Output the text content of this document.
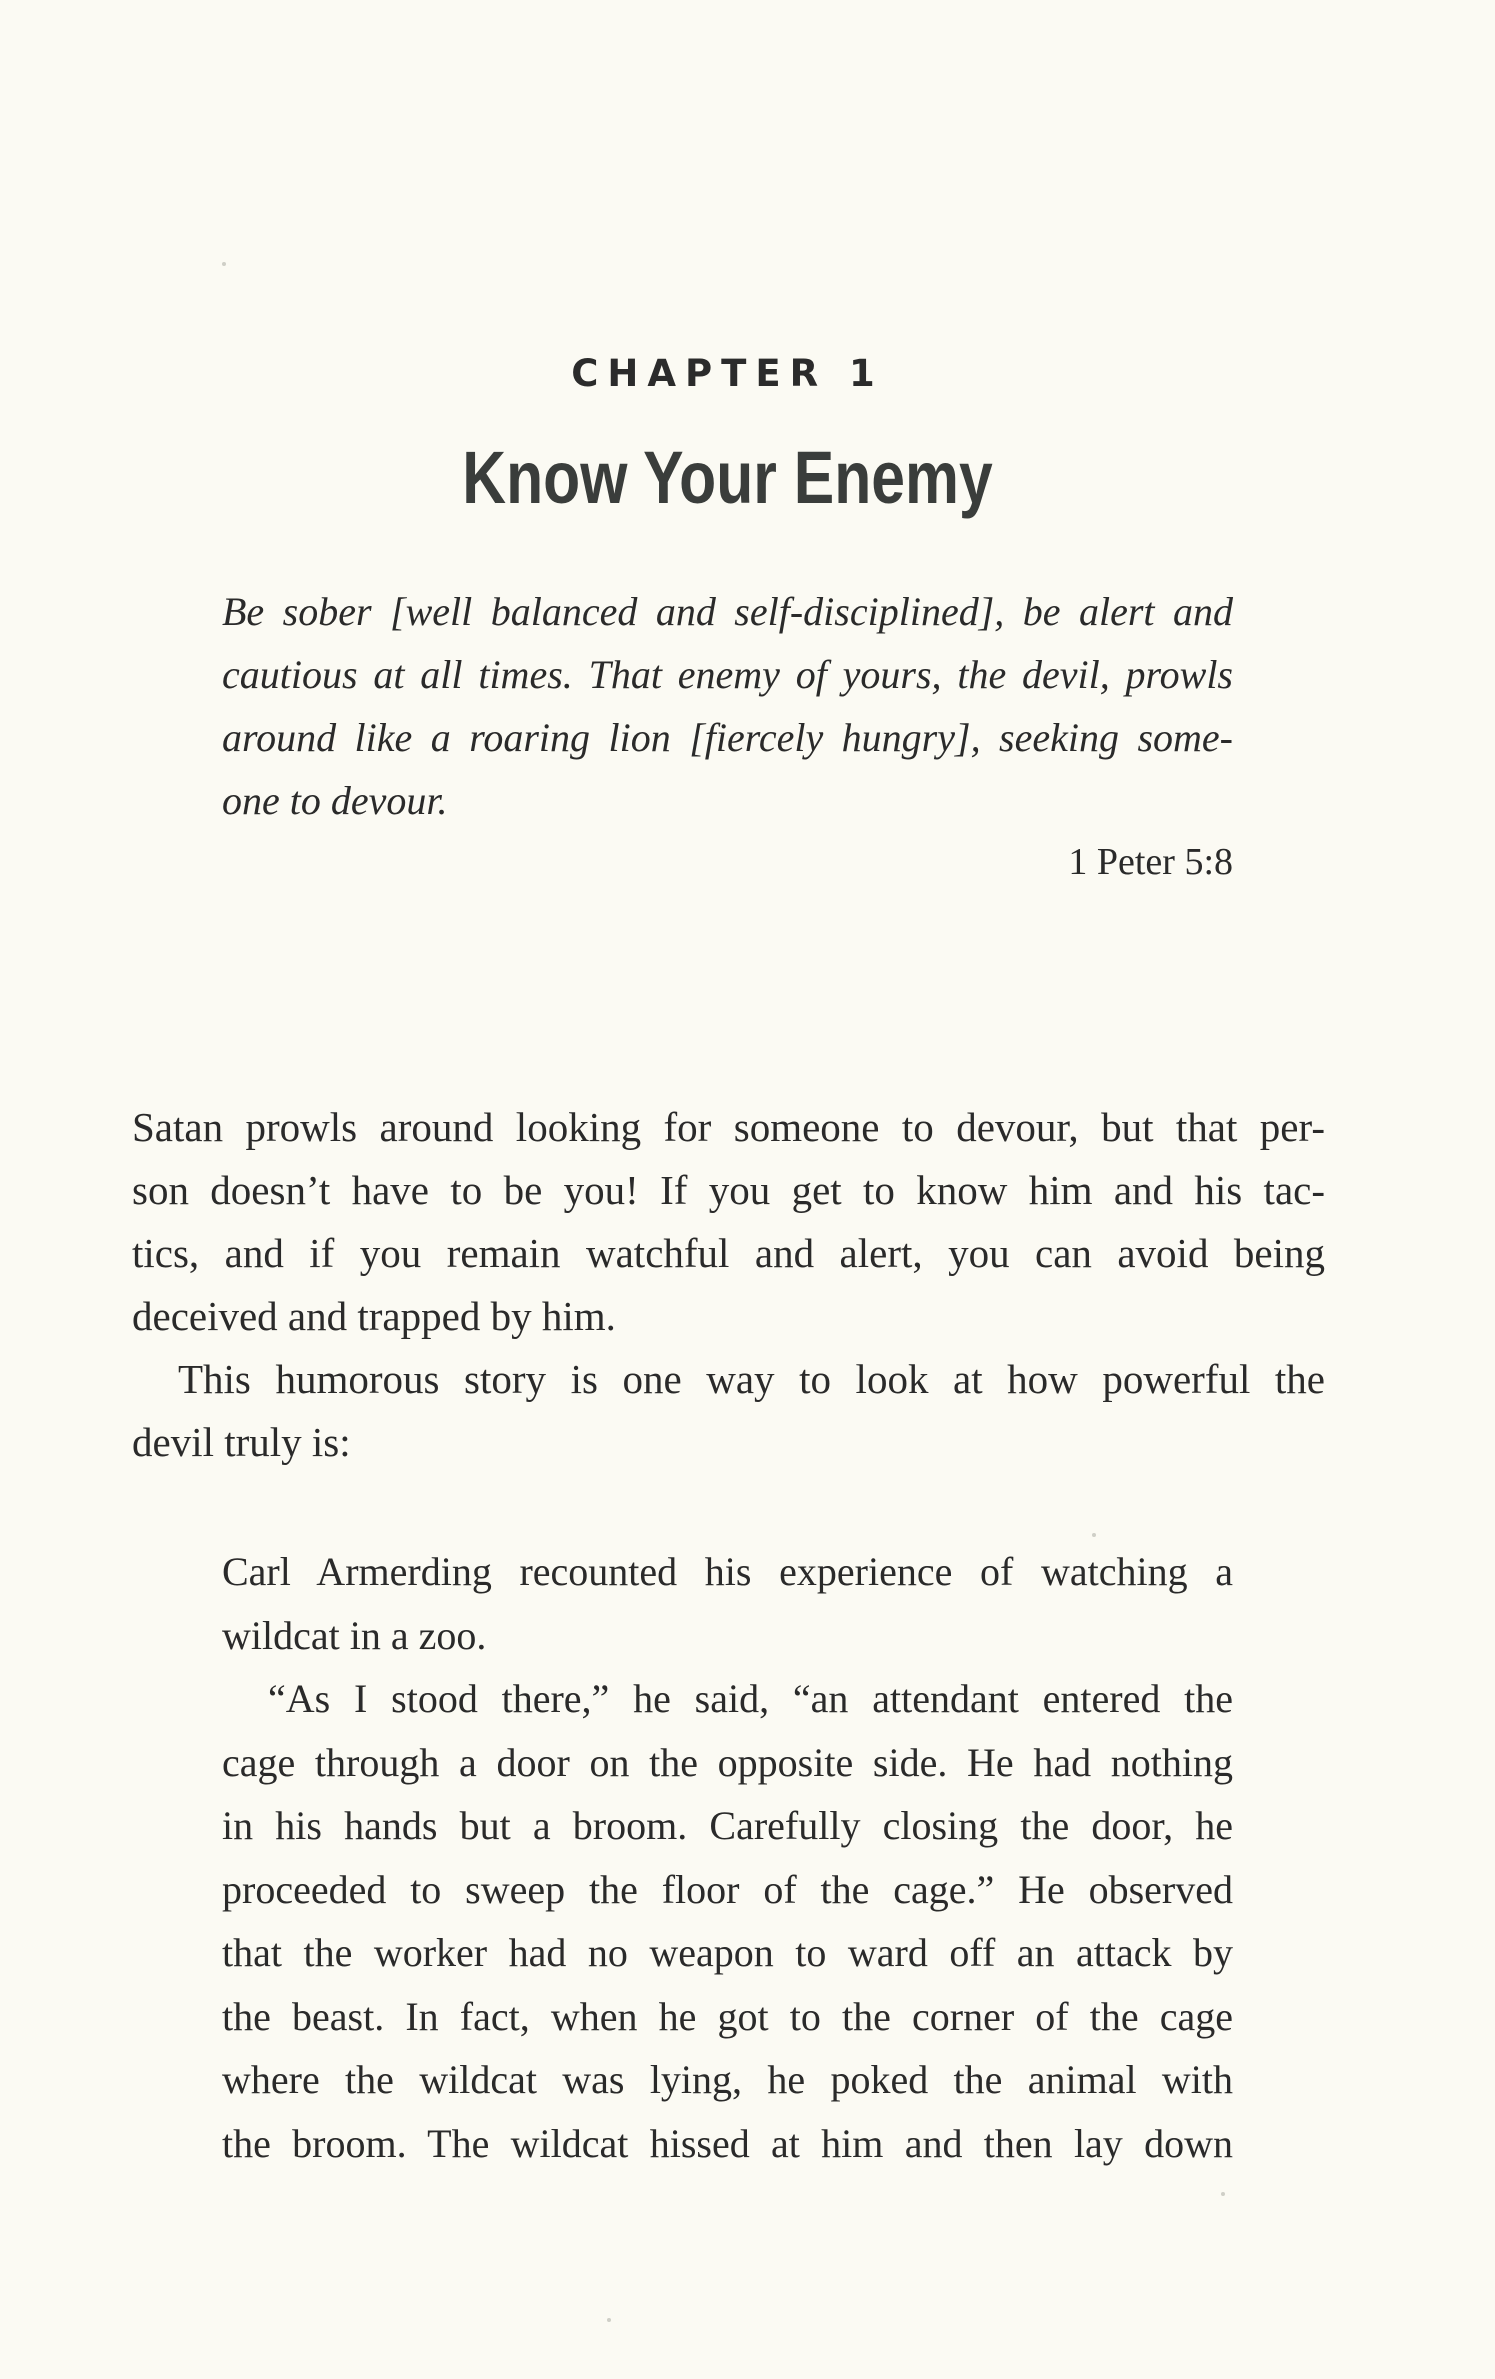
CHAPTER 1
Know Your Enemy
Be sober [well balanced and self-disciplined], be alert and
cautious at all times. That enemy of yours, the devil, prowls
around like a roaring lion [fiercely hungry], seeking some-
one to devour.
1 Peter 5:8
Satan prowls around looking for someone to devour, but that per-
son doesn’t have to be you! If you get to know him and his tac-
tics, and if you remain watchful and alert, you can avoid being
deceived and trapped by him.
This humorous story is one way to look at how powerful the
devil truly is:
Carl Armerding recounted his experience of watching a
wildcat in a zoo.
“As I stood there,” he said, “an attendant entered the
cage through a door on the opposite side. He had nothing
in his hands but a broom. Carefully closing the door, he
proceeded to sweep the floor of the cage.” He observed
that the worker had no weapon to ward off an attack by
the beast. In fact, when he got to the corner of the cage
where the wildcat was lying, he poked the animal with
the broom. The wildcat hissed at him and then lay down
